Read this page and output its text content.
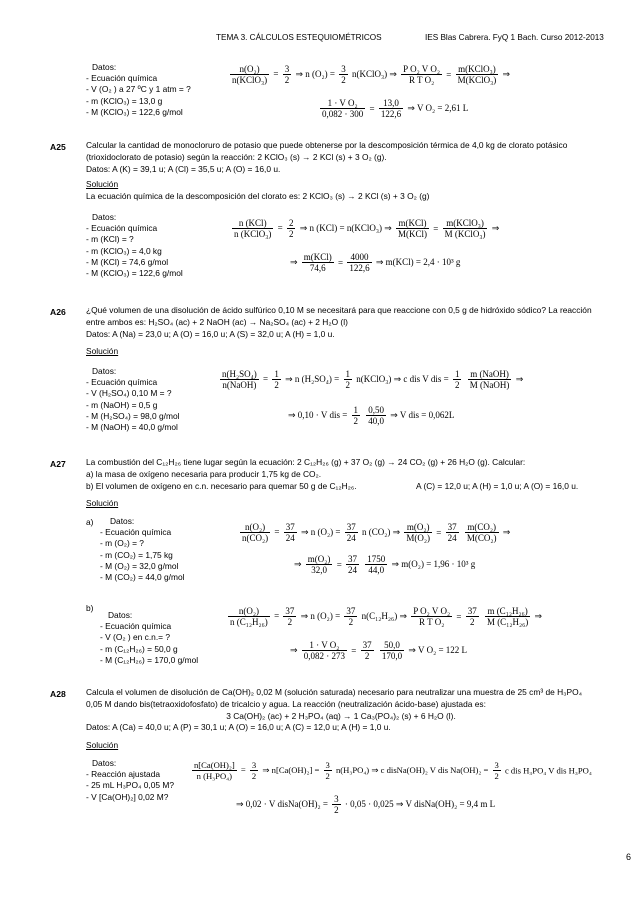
TEMA 3. CÁLCULOS ESTEQUIOMÉTRICOS	IES Blas Cabrera. FyQ 1 Bach. Curso 2012-2013
Datos:
- Ecuación química
- V (O₂ ) a 27 ºC y 1 atm = ?
- m (KClO₃) = 13,0 g
- M (KClO₃) = 122,6 g/mol
$\frac{\text{n(O₂)}}{\text{n(KClO₃)}} = \frac{3}{2}$ ⇒ n $(O_2) = \frac{3}{2}$ n(KClO₃) ⇒ $\frac{\text{P O₂ V O₂}}{\text{R T O₂}} = \frac{\text{m(KClO₃)}}{\text{M(KClO₃)}}$ ⇒
$\frac{\text{1 · V O₂}}{0,082 \cdot 300} = \frac{13,0}{122,6}$ ⇒ V O₂ = 2,61 L
A25 Calcular la cantidad de monocloruro de potasio que puede obtenerse por la descomposición térmica de 4,0 kg de clorato potásico (trioxidoclorato de potasio) según la reacción: 2 KClO₃ (s) → 2 KCl (s) + 3 O₂ (g).
Datos: A (K) = 39,1 u; A (Cl) = 35,5 u; A (O) = 16,0 u.
Solución
La ecuación química de la descomposición del clorato es: 2 KClO₃ (s) → 2 KCl (s) + 3 O₂ (g)
Datos:
- Ecuación química
- m (KCl) = ?
- m (KClO₃) = 4,0 kg
- M (KCl) = 74,6 g/mol
- M (KClO₃) = 122,6 g/mol
$\frac{\text{n (KCl)}}{\text{n (KClO₃)}} = \frac{2}{2}$ ⇒ n (KCl) = n(KClO₃) ⇒ $\frac{\text{m(KCl)}}{\text{M(KCl)}} = \frac{\text{m(KClO₃)}}{\text{M (KClO₃)}}$ ⇒
⇒ $\frac{\text{m(KCl)}}{74,6} = \frac{4000}{122,6}$ ⇒ m(KCl) = 2,4 · 10³ g
A26 ¿Qué volumen de una disolución de ácido sulfúrico 0,10 M se necesitará para que reaccione con 0,5 g de hidróxido sódico? La reacción entre ambos es: H₂SO₄ (ac) + 2 NaOH (ac) → Na₂SO₄ (ac) + 2 H₂O (l)
Datos: A (Na) = 23,0 u; A (O) = 16,0 u; A (S) = 32,0 u; A (H) = 1,0 u.
Solución
Datos:
- Ecuación química
- V (H₂SO₄) 0,10 M = ?
- m (NaOH) = 0,5 g
- M (H₂SO₄) = 98,0 g/mol
- M (NaOH) = 40,0 g/mol
$\frac{\text{n(H₂SO₄)}}{\text{n(NaOH)}} = \frac{1}{2}$ ⇒ n $(H_2SO_4) = \frac{1}{2}$ n(KClO₃) ⇒ c dis V dis = $\frac{1}{2}$
$\frac{\text{m (NaOH)}}{\text{M (NaOH)}}$ ⇒
⇒ 0,10 · V dis = $\frac{1}{2}$
$\frac{0,50}{40,0}$ ⇒ V dis = 0,062L
A27 La combustión del C₁₂H₂₆ tiene lugar según la ecuación: 2 C₁₂H₂₆ (g) + 37 O₂ (g) → 24 CO₂ (g) + 26 H₂O (g). Calcular:
a) la masa de oxígeno necesaria para producir 1,75 kg de CO₂.
b) El volumen de oxígeno en c.n. necesario para quemar 50 g de C₁₂H₂₆.	A (C) = 12,0 u; A (H) = 1,0 u; A (O) = 16,0 u.
Solución
a)	Datos:
- Ecuación química
- m (O₂) = ?
- m (CO₂) = 1,75 kg
- M (O₂) = 32,0 g/mol
- M (CO₂) = 44,0 g/mol
$\frac{\text{n(O₂)}}{\text{n(CO₂)}} = \frac{37}{24}$ ⇒ n $(O_2) = \frac{37}{24}$ n (CO₂) ⇒ $\frac{\text{m(O₂)}}{\text{M(O₂)}} = \frac{37}{24}$
$\frac{\text{m(CO₂)}}{\text{M(CO₂)}}$ ⇒
⇒ $\frac{\text{m(O₂)}}{32,0} = \frac{37}{24}$
$\frac{1750}{44,0}$ ⇒ m(O₂) = 1,96 · 10³ g
b)
Datos:
- Ecuación química
- V (O₂ ) en c.n.= ?
- m (C₁₂H₂₆) = 50,0 g
- M (C₁₂H₂₆) = 170,0 g/mol
$\frac{\text{n(O₂)}}{\text{n (C₁₂H₂₆)}} = \frac{37}{2}$ ⇒ n $(O_2) = \frac{37}{2} n(C_{12}H_{26})$ ⇒ $\frac{\text{P O₂ V O₂}}{\text{R T O₂}} = \frac{37}{2}$
$\frac{\text{m (C₁₂H₂₆)}}{\text{M (C₁₂H₂₆)}}$ ⇒
⇒ $\frac{\text{1 · V O₂}}{0,082 \cdot 273} = \frac{37}{2}$
$\frac{50,0}{170,0}$ ⇒ V O₂ = 122 L
A28 Calcula el volumen de disolución de Ca(OH)₂ 0,02 M (solución saturada) necesario para neutralizar una muestra de 25 cm³ de H₃PO₄ 0,05 M dando bis(tetraoxidofosfato) de tricalcio y agua. La reacción (neutralización ácido-base) ajustada es:
3 Ca(OH)₂ (ac) + 2 H₃PO₄ (aq) → 1 Ca₃(PO₄)₂ (s) + 6 H₂O (l).
Datos: A (Ca) = 40,0 u; A (P) = 30,1 u; A (O) = 16,0 u; A (C) = 12,0 u; A (H) = 1,0 u.
Solución
Datos:
- Reacción ajustada
- 25 mL H₃PO₄ 0,05 M?
- V [Ca(OH)₂] 0,02 M?
$\frac{\text{n[Ca(OH)₂]}}{\text{n (H₃PO₄)}} = \frac{3}{2}$ ⇒ $n[Ca(OH)_2] = \frac{3}{2} n(H_3PO_4)$ ⇒ c disNa(OH)₂ V dis $Na(OH)_2 = \frac{3}{2}$ c dis H₃PO₄ V dis H₃PO₄
⇒ 0,02 · V disNa(OH)₂ = $\frac{3}{2} \cdot 0,05 \cdot 0,025$ ⇒ V disNa(OH)₂ = 9,4 m L
6
